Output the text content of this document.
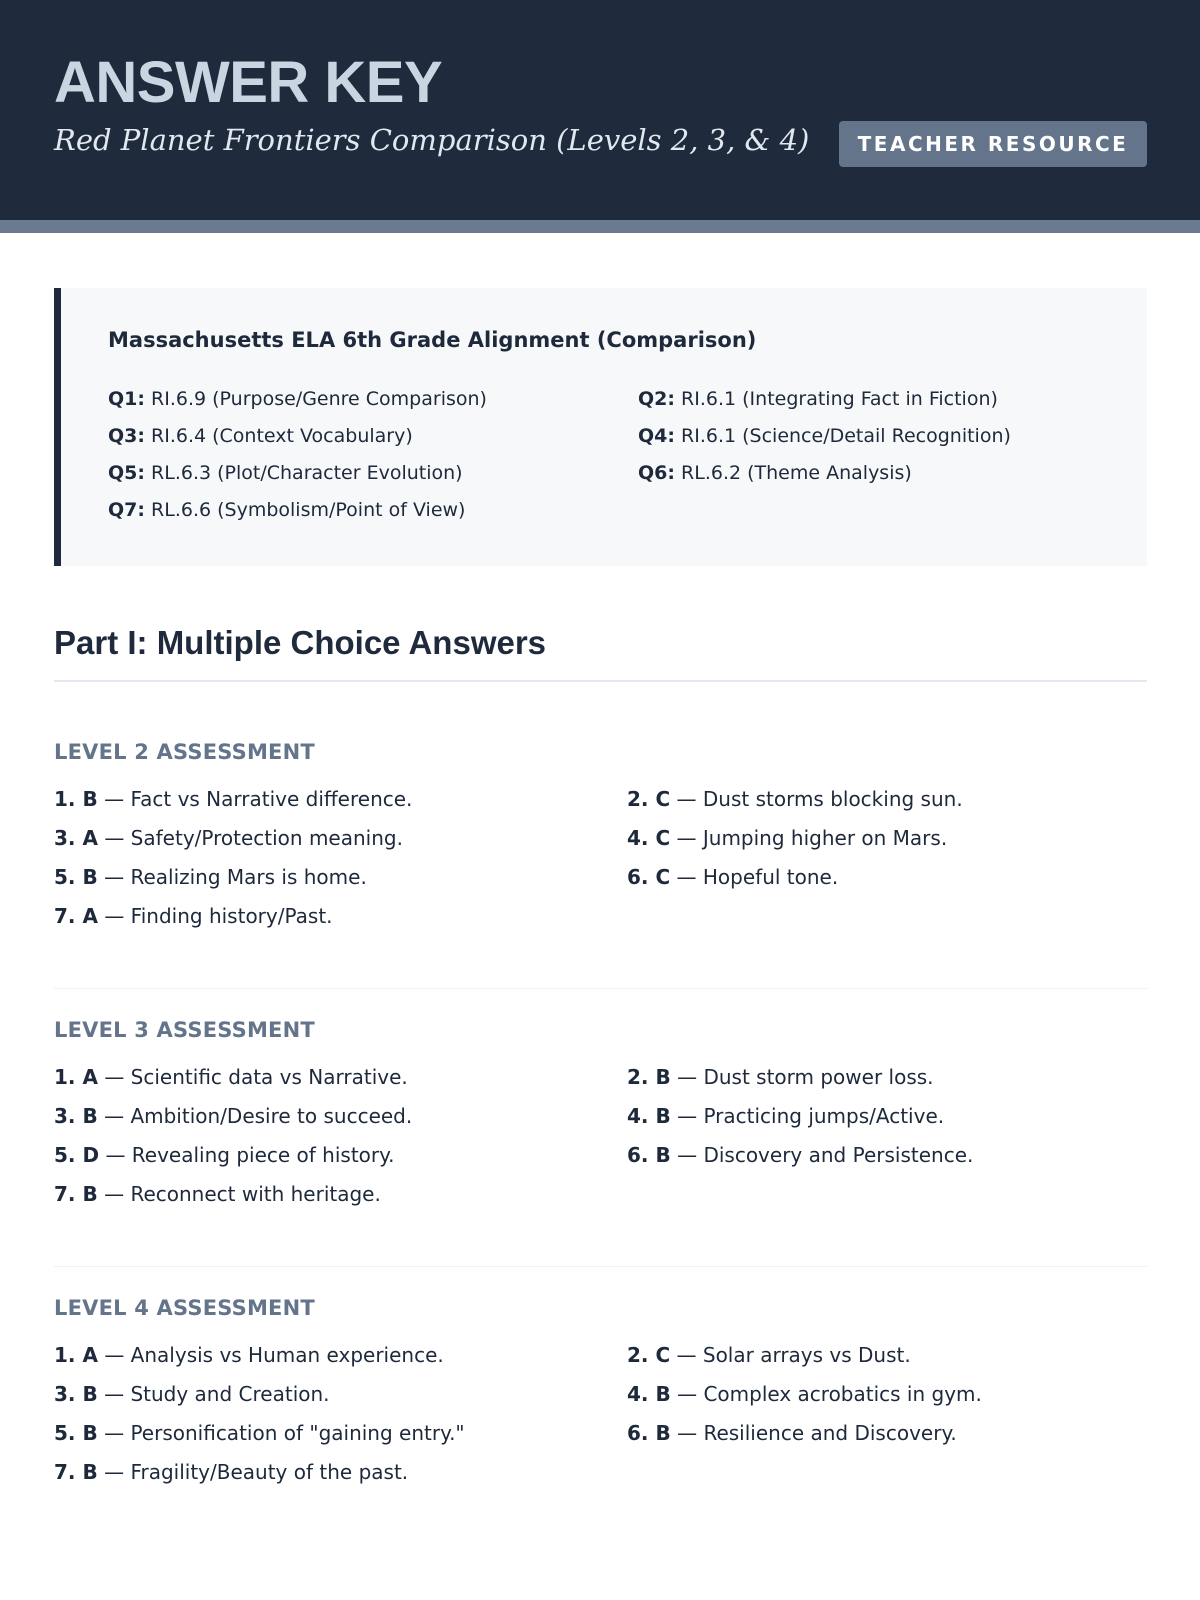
ANSWER KEY
Red Planet Frontiers Comparison (Levels 2, 3, & 4)	TEACHER RESOURCE
Massachusetts ELA 6th Grade Alignment (Comparison)
Q1: RI.6.9 (Purpose/Genre Comparison)	Q2: RI.6.1 (Integrating Fact in Fiction)
Q3: RI.6.4 (Context Vocabulary)	Q4: RI.6.1 (Science/Detail Recognition)
Q5: RL.6.3 (Plot/Character Evolution)	Q6: RL.6.2 (Theme Analysis)
Q7: RL.6.6 (Symbolism/Point of View)
Part I: Multiple Choice Answers
LEVEL 2 ASSESSMENT
1. B — Fact vs Narrative difference.	2. C — Dust storms blocking sun.
3. A — Safety/Protection meaning.	4. C — Jumping higher on Mars.
5. B — Realizing Mars is home.	6. C — Hopeful tone.
7. A — Finding history/Past.
LEVEL 3 ASSESSMENT
1. A — Scientific data vs Narrative.	2. B — Dust storm power loss.
3. B — Ambition/Desire to succeed.	4. B — Practicing jumps/Active.
5. D — Revealing piece of history.	6. B — Discovery and Persistence.
7. B — Reconnect with heritage.
LEVEL 4 ASSESSMENT
1. A — Analysis vs Human experience.	2. C — Solar arrays vs Dust.
3. B — Study and Creation.	4. B — Complex acrobatics in gym.
5. B — Personification of "gaining entry."	6. B — Resilience and Discovery.
7. B — Fragility/Beauty of the past.
